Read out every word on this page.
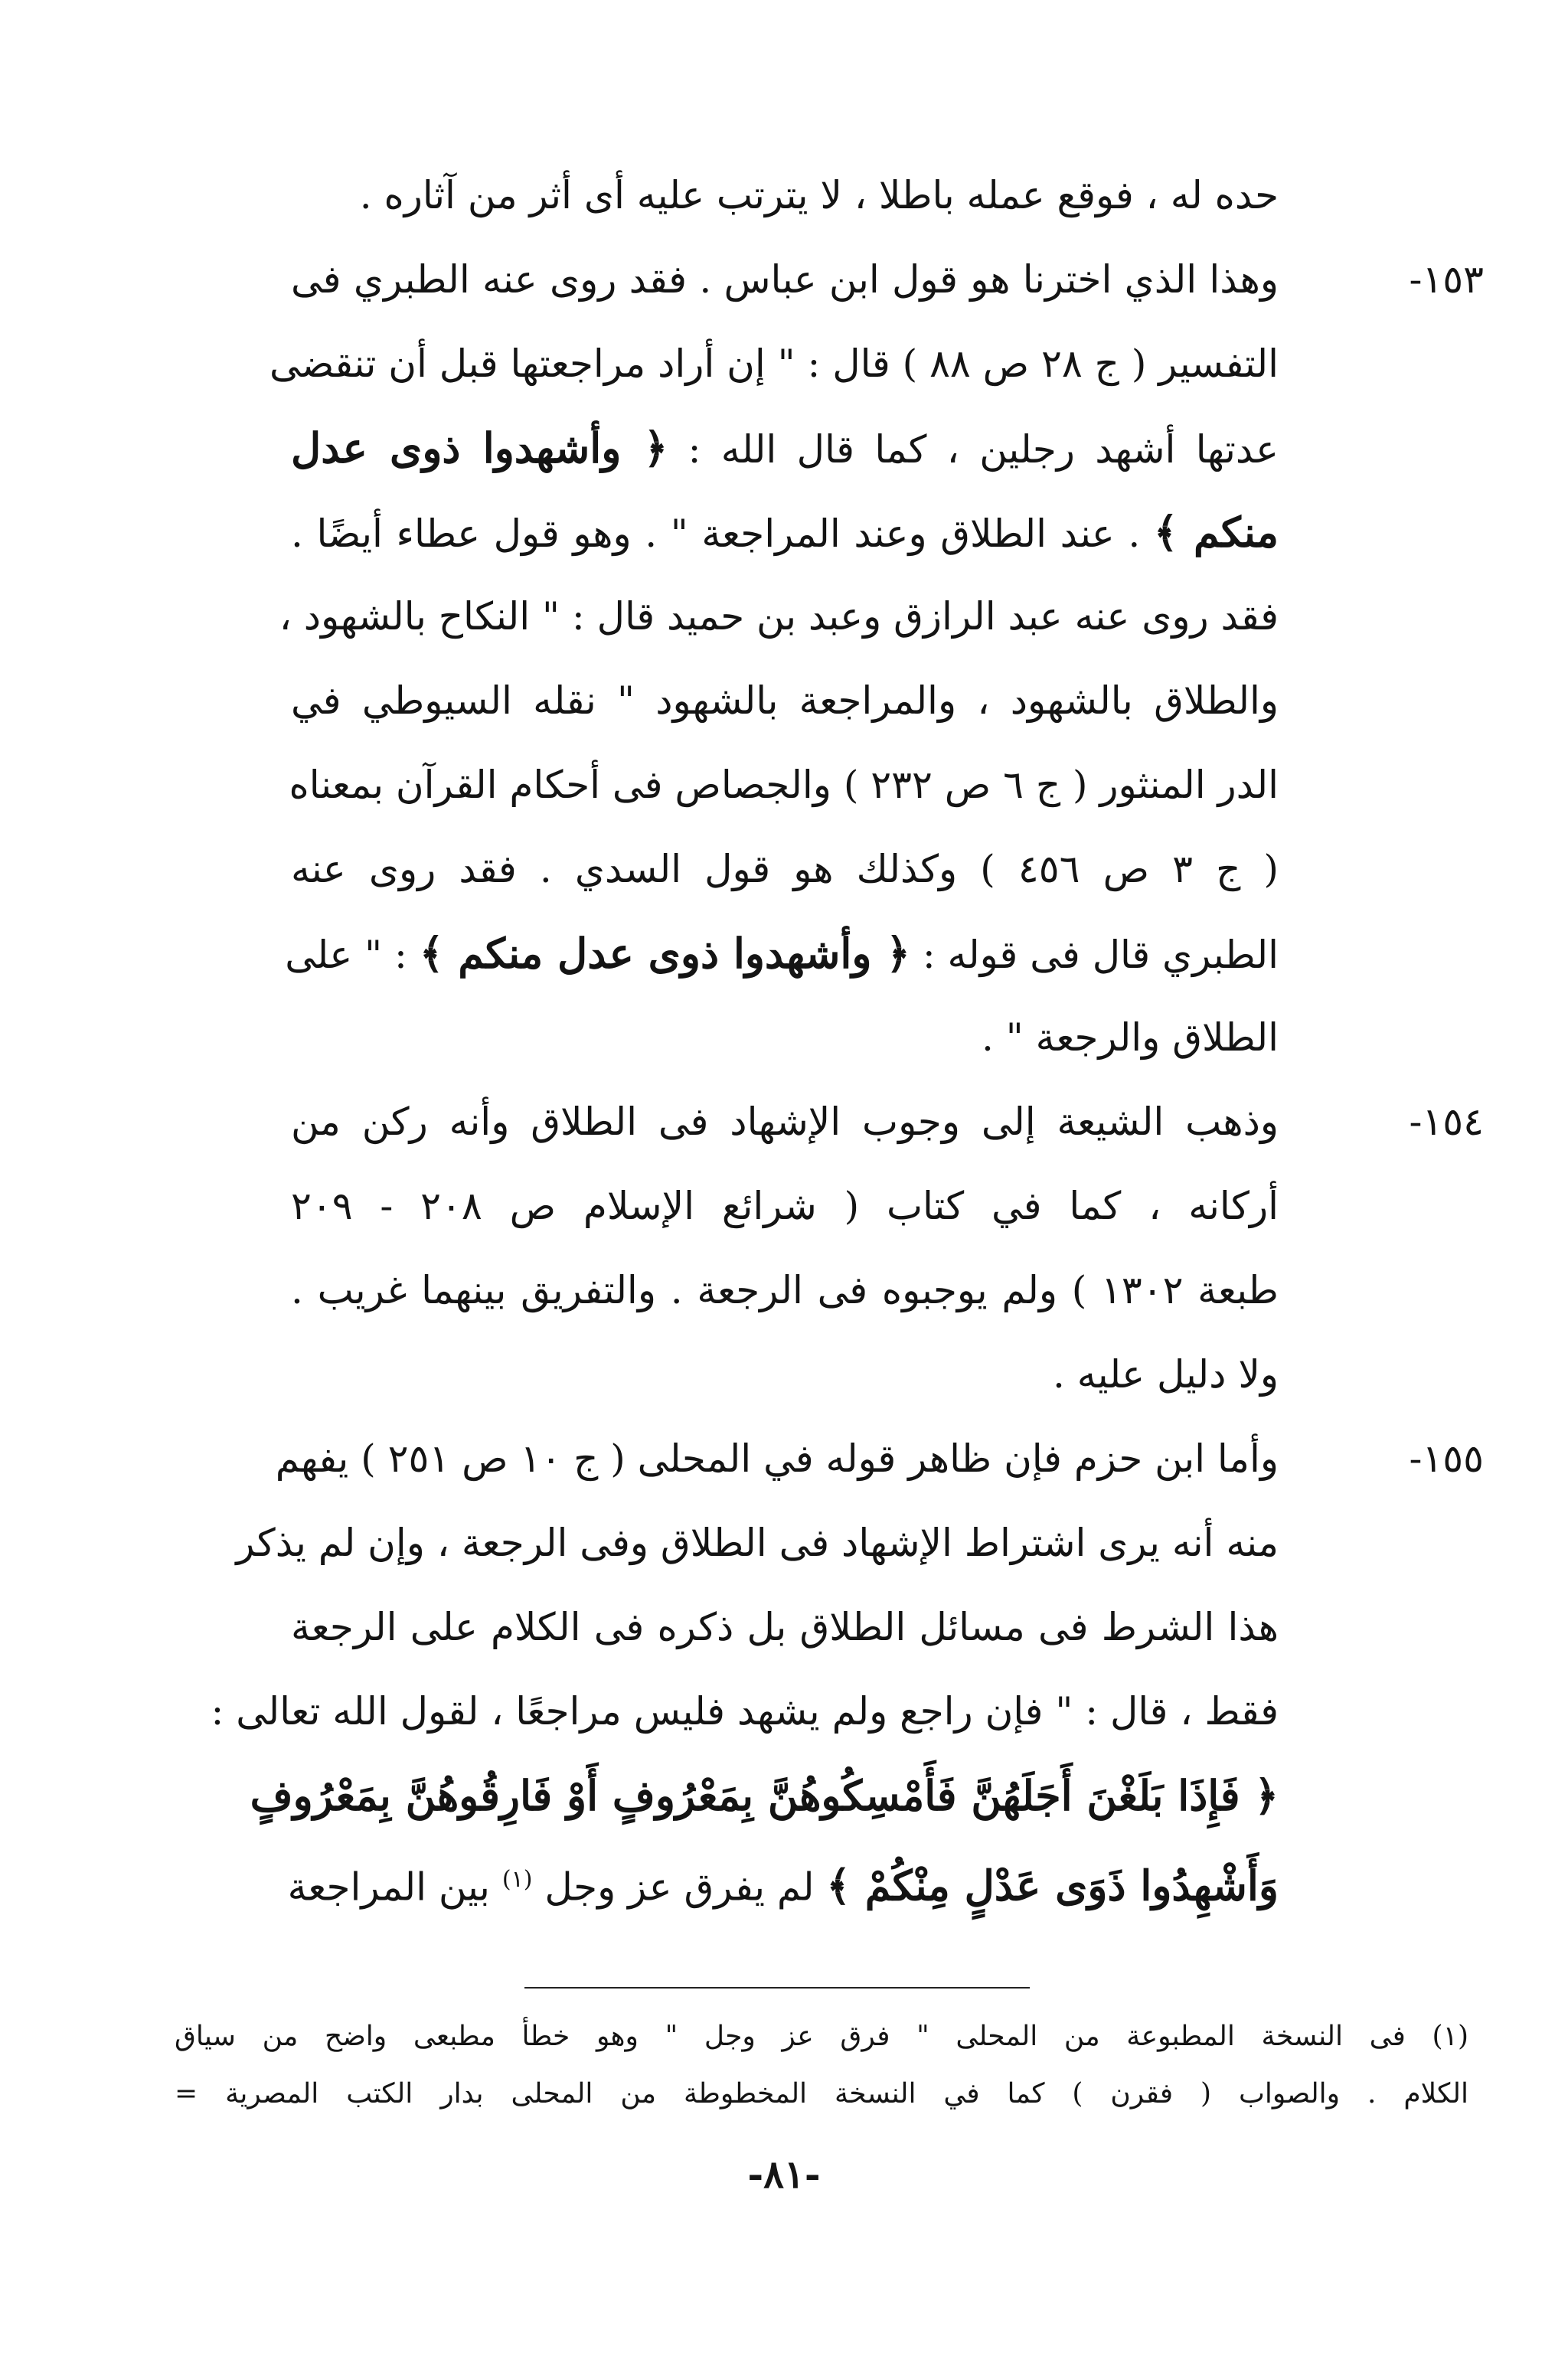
حده له ، فوقع عمله باطلا ، لا يترتب عليه أى أثر من آثاره .
١٥٣-
وهذا الذي اخترنا هو قول ابن عباس . فقد روى عنه الطبري فى
التفسير ( ج ٢٨ ص ٨٨ ) قال : " إن أراد مراجعتها قبل أن تنقضى
عدتها أشهد رجلين ، كما قال الله : ﴿ وأشهدوا ذوى عدل
منكم ﴾ . عند الطلاق وعند المراجعة " . وهو قول عطاء أيضًا .
فقد روى عنه عبد الرازق وعبد بن حميد قال : " النكاح بالشهود ،
والطلاق بالشهود ، والمراجعة بالشهود " نقله السيوطي في
الدر المنثور ( ج ٦ ص ٢٣٢ ) والجصاص فى أحكام القرآن بمعناه
( ج ٣ ص ٤٥٦ ) وكذلك هو قول السدي . فقد روى عنه
الطبري قال فى قوله : ﴿ وأشهدوا ذوى عدل منكم ﴾ : " على
الطلاق والرجعة " .
١٥٤-
وذهب الشيعة إلى وجوب الإشهاد فى الطلاق وأنه ركن من
أركانه ، كما في كتاب ( شرائع الإسلام ص ٢٠٨ - ٢٠٩
طبعة ١٣٠٢ ) ولم يوجبوه فى الرجعة . والتفريق بينهما غريب .
ولا دليل عليه .
١٥٥-
وأما ابن حزم فإن ظاهر قوله في المحلى ( ج ١٠ ص ٢٥١ ) يفهم
منه أنه يرى اشتراط الإشهاد فى الطلاق وفى الرجعة ، وإن لم يذكر
هذا الشرط فى مسائل الطلاق بل ذكره فى الكلام على الرجعة
فقط ، قال : " فإن راجع ولم يشهد فليس مراجعًا ، لقول الله تعالى :
﴿ فَإِذَا بَلَغْنَ أَجَلَهُنَّ فَأَمْسِكُوهُنَّ بِمَعْرُوفٍ أَوْ فَارِقُوهُنَّ بِمَعْرُوفٍ
وَأَشْهِدُوا ذَوَى عَدْلٍ مِنْكُمْ ﴾ لم يفرق عز وجل $^{(١)}$ بين المراجعة
(١) فى النسخة المطبوعة من المحلى " فرق عز وجل " وهو خطأ مطبعى واضح من سياق
الكلام . والصواب ( فقرن ) كما في النسخة المخطوطة من المحلى بدار الكتب المصرية =
-٨١-
